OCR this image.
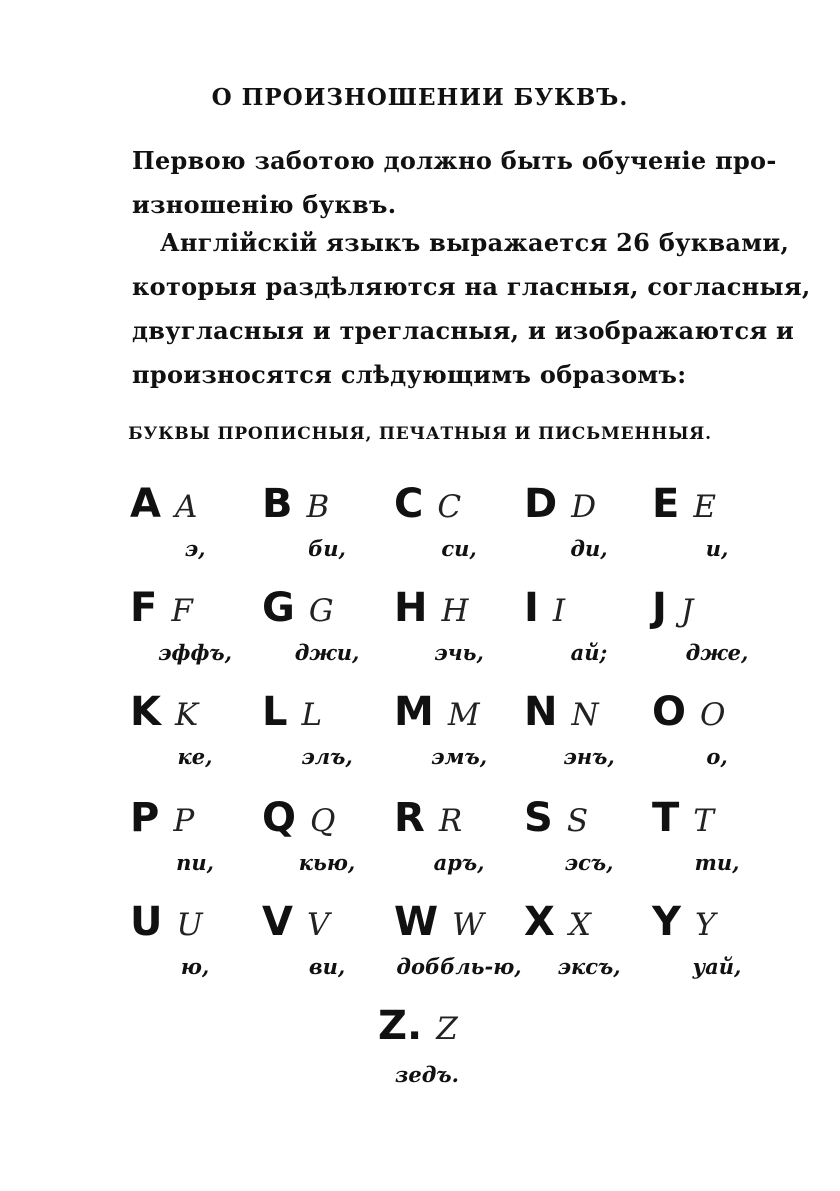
О ПРОИЗНОШЕНИИ БУКВЪ.
Первою заботою должно быть обученіе про-
изношенію буквъ.
Англійскій языкъ выражается 26 буквами,
которыя раздѣляются на гласныя, согласныя,
двугласныя и трегласныя, и изображаются и
произносятся слѣдующимъ образомъ:
БУКВЫ ПРОПИСНЫЯ, ПЕЧАТНЫЯ И ПИСЬМЕННЫЯ.
A A
э,
B B
би,
C C
си,
D D
ди,
E E
и,
F F
эффъ,
G G
джи,
H H
эчь,
I I
ай;
J J
дже,
K K
ке,
L L
элъ,
M M
эмъ,
N N
энъ,
O O
о,
P P
пи,
Q Q
кью,
R R
аръ,
S S
эсъ,
T T
ти,
U U
ю,
V V
ви,
W W
доббль-ю,
X X
эксъ,
Y Y
уай,
Z. Z
зедъ.
